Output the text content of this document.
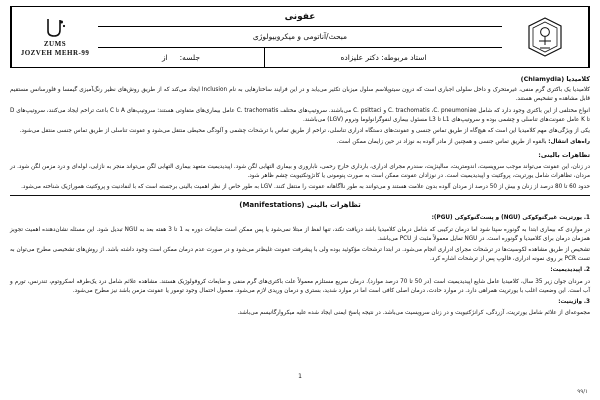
عفونی
مبحث/آناتومی و میکروبیولوژی
استاد مربوطه: دکتر علیزاده
جلسه:
از
ZUMS
JOZVEH MEHR-99
کلامیدیا (Chlamydia)

کلامیدیا یک باکتری گرم منفی، غیرمتحرک و داخل سلولی اجباری است که درون سیتوپلاسم سلول میزبان تکثیر می‌یابد و در این فرایند ساختارهایی به نام Inclusion ایجاد می‌کند که از طریق روش‌های نظیر رنگ‌آمیزی گیمسا و فلورسانس مستقیم قابل مشاهده و تشخیص هستند.

انواع مختلفی از این باکتری وجود دارد که شامل C. trachomatis ،C. pneumoniae و C. psittaci می‌باشند. سروتیپ‌های مختلف C. trachomatis عامل بیماری‌های متفاوتی هستند: سروتیپ‌های A تا C باعث تراخم ایجاد می‌کنند، سروتیپ‌های D تا K عامل عفونت‌های تناسلی و چشمی بوده و سروتیپ‌های L1 تا L3 مسئول بیماری لنفوگرانولوما ونروم (LGV) می‌باشند.

یکی از ویژگی‌های مهم کلامیدیا این است که هیچ‌گاه از طریق تماس جنسی و عفونت‌های دستگاه ادراری تناسلی، تراخم از طریق تماس با ترشحات چشمی و آلودگی محیطی منتقل می‌شود و عفونت تناسلی از طریق تماس جنسی منتقل می‌شود.

راه‌های انتقال: بالقوه از طریق تماس جنسی و همچنین از مادر آلوده به نوزاد در حین زایمان ممکن است.

تظاهرات بالینی:

در زنان، این عفونت می‌تواند موجب سرویسیت، اندومتریت، سالپنژیت، سندرم مجرای ادراری، بارداری خارج رحمی، ناباروری و بیماری التهابی لگن شود. اپیدیدیمیت متعهد بیماری التهابی لگن می‌تواند منجر به نازایی، لوله‌ای و درد مزمن لگن شود. در مردان، تظاهرات شامل یورتریت، پروکتیت و اپیدیدیمیت است. در نوزادان عفونت ممکن است به صورت پنومونی یا کانژونکتیویت چشم ظاهر شود.

حدود 60 تا 80 درصد از زنان و بیش از 50 درصد از مردان آلوده بدون علامت هستند و می‌توانند به طور ناآگاهانه عفونت را منتقل کنند. LGV به طور خاص از نظر اهمیت بالینی برجسته است که با لنفادنیت و پروکتیت هموراژیک شناخته می‌شود.

تظاهرات بالینی (Manifestations)
1. یورتریت غیرگنوکوکی (NGU) و پست‌گنوکوکی (PGU):

در مواردی که بیماری ابتدا به گونوره سپتا شود اما درمان ترکیبی که شامل درمان کلامیدیا باشد دریافت نکند، تنها لفظ از مبتلا نمی‌شود یا پس ممکن است ضایعات دوره به 1 تا 3 هفته بعد به NGU تبدیل شود. این مسئله نشان‌دهنده اهمیت تجویز همزمان درمان برای کلامیدیا و گونوره است. در NGU تمایل معمولاً مثبت از PCU می‌باشد.

تشخیص از طریق مشاهده لکوسیت‌ها در ترشحات مجرای ادراری انجام می‌شود. در ابتدا ترشحات مؤکوئید بوده ولی با پیشرفت عفونت غلیظ‌تر می‌شود و در صورت عدم درمان ممکن است وجود داشته باشد. از روش‌های تشخیصی مطرح می‌توان به تست PCR بر روی نمونه ادراری، فالوپ پس از ترشحات اشاره کرد.

2. اپیدیدیمیت:

در مردان جوان زیر 35 سال، کلامیدیا عامل شایع اپیدیدیمیت است (در 50 تا 70 درصد موارد). درمان سریع مستلزم معمولاً علت باکتری‌های گرم منفی و ضایعات کروفولوژیک هستند. مشاهده علائم شامل درد یک‌طرفه اسکروتوم، تندرنس، تورم و آب است. این وضعیت اغلب با یورتریت همراهی دارد. در موارد حادث، درمان اصلی کافی است اما در موارد شدید، بستری و درمان وریدی لازم می‌شود. معمول احتمال وجود تومور یا عفونت مزمن باشد نیز مطرح می‌شود.

3. واژینیت:

مجموعه‌ای از علائم شامل یورتریت، آزردگی، کرانژکتیویت و در زنان سرویسیت می‌باشد. در نتیجه پاسخ ایمنی ایجاد شده علیه میکروارگانیسم می‌باشد.

1
۹۹/۱
